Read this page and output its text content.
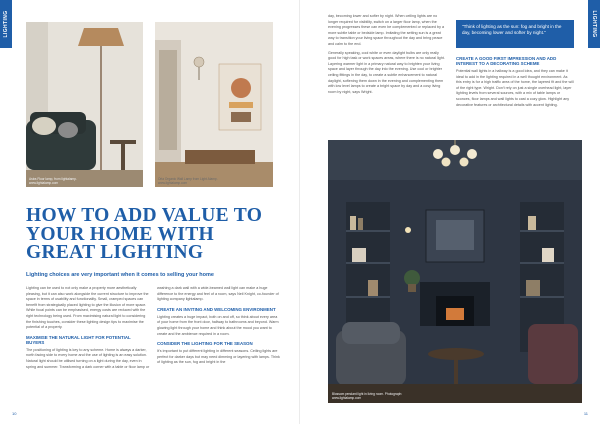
LIGHTING
Astra Floor lamp, from lightalamp. www.lightalamp.com
Orla Organic Wall Lamp from Light Alamp. www.lightalamp.com
HOW TO ADD VALUE TO YOUR HOME WITH GREAT LIGHTING
Lighting choices are very important when it comes to selling your home

Lighting can be used to not only make a property more aesthetically pleasing, but it can also work alongside the current structure to improve the space in terms of usability and functionality. Small, cramped spaces can benefit from strategically placed lighting to give the illusion of more space. While focal points can be emphasised, energy costs are reduced with the right technology being used. From maximising natural light to considering the finishing touches, consider these lighting design tips to maximise the potential of a property.

MAXIMISE THE NATURAL LIGHT FOR POTENTIAL BUYERS

The positioning of lighting is key to any scheme. Home is always a darker, north facing side to every home and the use of lighting is an easy solution. Natural light should be utilised turning on a light during the day, even in spring and summer. Transforming a dark corner with a table or floor lamp or

washing a dark wall with a wide-beamed wall light can make a huge difference to the energy and feel of a room, says Neil Knight, co-founder of lighting company lightalamp.

CREATE AN INVITING AND WELCOMING ENVIRONMENT

Lighting creates a huge impact, both on and off, so think about every area of your home from the front door, hallway to bathrooms and beyond. Warm glowing light through your home and think about the mood you want to create and the ambience required in a room.

CONSIDER THE LIGHTING FOR THE SEASON

It's important to put different lighting in different seasons. Ceiling lights are perfect for darker days but may need dimming or layering with lamps. Think of lighting as the sun, fog and bright in the

10
LIGHTING
11

day, becoming lower and softer by night. When ceiling lights are no longer required for visibility, switch on a larger floor lamp, when the evening progresses these can even be complemented or replaced by a more subtle table or bedside lamp. Imitating the setting sun is a great way to transition your living space throughout the day and bring peace and calm to the end.

Generally speaking, cool white or even daylight bulbs are only really good for high task or work spaces areas, where there is no natural light. Layering warmer light in a primary natural way to brighten your living space and layer through the day into the evening. Use cool or brighter ceiling fittings in the day, to create a subtle enhancement to natural daylight, softening them down in the evening and complementing them with low level lamps to create a bright space by day and a cosy living room by night, says Wright.

"Think of lighting as the sun: fog and bright in the day, becoming lower and softer by night."
CREATE A GOOD FIRST IMPRESSION AND ADD INTEREST TO A DECORATING SCHEME

Potential wall lights in a hallway is a good idea, and they can make it ideal to add in the lighting required in a well thought environment. As this entry is for a high traffic area of the home, the layered fit and the will of the right type. Wright. Don't rely on just a single overhead light, layer lighting levels from several sources, with a mix of table lamps or sconces, floor lamps and wall lights to cast a cozy glow. Highlight any decorative features or architectural details with accent lighting.

Blossom pendant light in living room. Photograph: www.lightalamp.com
